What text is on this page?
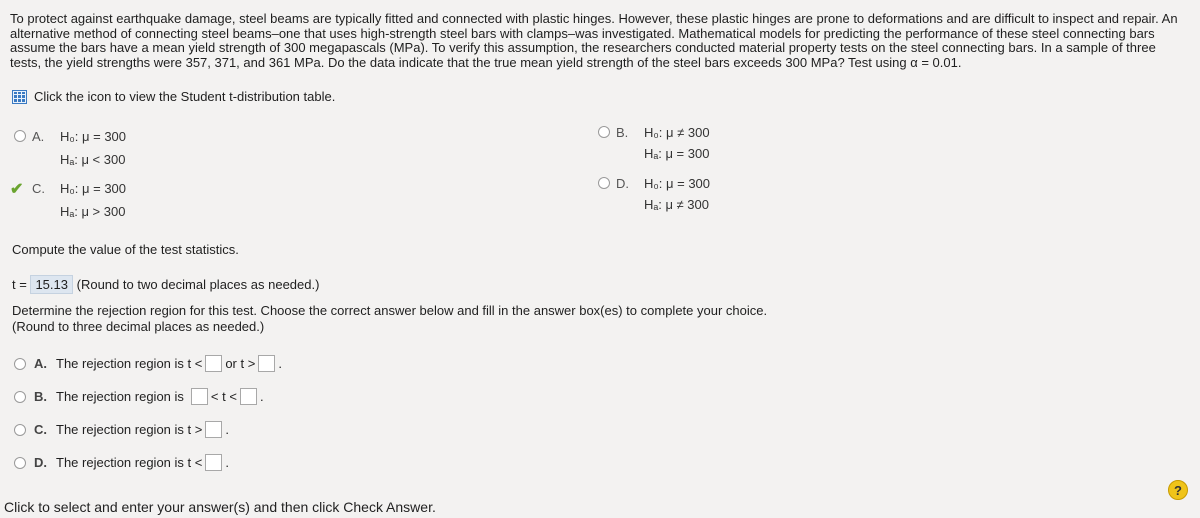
To protect against earthquake damage, steel beams are typically fitted and connected with plastic hinges. However, these plastic hinges are prone to deformations and are difficult to inspect and repair. An alternative method of connecting steel beams–one that uses high-strength steel bars with clamps–was investigated. Mathematical models for predicting the performance of these steel connecting bars assume the bars have a mean yield strength of 300 megapascals (MPa). To verify this assumption, the researchers conducted material property tests on the steel connecting bars. In a sample of three tests, the yield strengths were 357, 371, and 361 MPa. Do the data indicate that the true mean yield strength of the steel bars exceeds 300 MPa? Test using α = 0.01.
Click the icon to view the Student t-distribution table.
A. H₀: μ = 300
Hₐ: μ < 300
B. H₀: μ ≠ 300
Hₐ: μ = 300
✔ C. H₀: μ = 300
Hₐ: μ > 300
D. H₀: μ = 300
Hₐ: μ ≠ 300
Compute the value of the test statistics.
t = 15.13 (Round to two decimal places as needed.)
Determine the rejection region for this test. Choose the correct answer below and fill in the answer box(es) to complete your choice.
(Round to three decimal places as needed.)
A. The rejection region is t < or t > .
B. The rejection region is < t < .
C. The rejection region is t > .
D. The rejection region is t < .
?
Click to select and enter your answer(s) and then click Check Answer.
